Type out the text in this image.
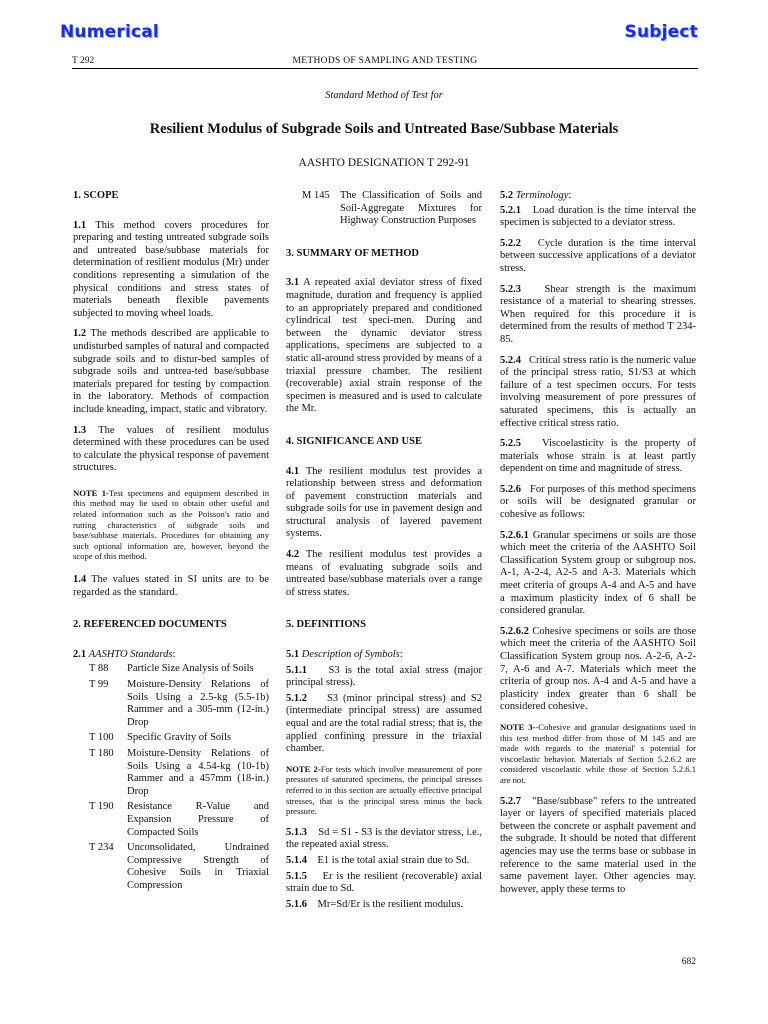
Numerical	Subject
T 292	METHODS OF SAMPLING AND TESTING
Standard Method of Test for
Resilient Modulus of Subgrade Soils and Untreated Base/Subbase Materials
AASHTO DESIGNATION T 292-91
1. SCOPE

1.1 This method covers procedures for preparing and testing untreated subgrade soils and untreated base/subbase materials for determination of resilient modulus (Mr) under conditions representing a simulation of the physical conditions and stress states of materials beneath flexible pavements subjected to moving wheel loads.

1.2 The methods described are applicable to undisturbed samples of natural and compacted subgrade soils and to distur-bed samples of subgrade soils and untrea-ted base/subbase materials prepared for testing by compaction in the laboratory. Methods of compaction include kneading, impact, static and vibratory.

1.3 The values of resilient modulus determined with these procedures can be used to calculate the physical response of pavement structures.

NOTE 1-Test specimens and equipment described in this method may be used to obtain other useful and related information such as the Poisson's ratio and rutting characteristics of subgrade soils and base/subbase materials. Procedures for obtaining any such optional information are, however, beyond the scope of this method.

1.4 The values stated in SI units are to be regarded as the standard.

2. REFERENCED DOCUMENTS

2.1 AASHTO Standards:

T 88	Particle Size Analysis of Soils
T 99	Moisture-Density Relations of Soils Using a 2.5-kg (5.5-1b) Rammer and a 305-mm (12-in.) Drop
T 100	Specific Gravity of Soils
T 180	Moisture-Density Relations of Soils Using a 4.54-kg (10-1b) Rammer and a 457mm (18-in.) Drop
T 190	Resistance R-Value and Expansion Pressure of Compacted Soils
T 234	Unconsolidated, Undrained Compressive Strength of Cohesive Soils in Triaxial Compression
M 145 The Classification of Soils and Soil-Aggregate Mixtures for Highway Construction Purposes
3. SUMMARY OF METHOD

3.1 A repeated axial deviator stress of fixed magnitude, duration and frequency is applied to an appropriately prepared and conditioned cylindrical test speci-men. During and between the dynamic deviator stress applications, specimens are subjected to a static all-around stress provided by means of a triaxial pressure chamber. The resilient (recoverable) axial strain response of the specimen is measured and is used to calculate the Mr.

4. SIGNIFICANCE AND USE

4.1 The resilient modulus test provides a relationship between stress and deformation of pavement construction materials and subgrade soils for use in pavement design and structural analysis of layered pavement systems.

4.2 The resilient modulus test provides a means of evaluating subgrade soils and untreated base/subbase materials over a range of stress states.

5. DEFINITIONS

5.1 Description of Symbols:

5.1.1 S3 is the total axial stress (major principal stress).

5.1.2 S3 (minor principal stress) and S2 (intermediate principal stress) are assumed equal and are the total radial stress; that is, the applied confining pressure in the triaxial chamber.

NOTE 2-For tests which involve measurement of pore pressures of saturated specimens, the principal stresses referred to in this section are actually effective principal stresses, that is the principal stress minus the back pressure.

5.1.3 Sd = S1 - S3 is the deviator stress, i.e., the repeated axial stress.

5.1.4 E1 is the total axial strain due to Sd.

5.1.5 Er is the resilient (recoverable) axial strain due to Sd.

5.1.6 Mr=Sd/Er is the resilient modulus.

5.2 Terminology:

5.2.1 Load duration is the time interval the specimen is subjected to a deviator stress.

5.2.2 Cycle duration is the time interval between successive applications of a deviator stress.

5.2.3 Shear strength is the maximum resistance of a material to shearing stresses. When required for this procedure it is determined from the results of method T 234-85.

5.2.4 Critical stress ratio is the numeric value of the principal stress ratio, S1/S3 at which failure of a test specimen occurs. For tests involving measurement of pore pressures of saturated specimens, this is actually an effective critical stress ratio.

5.2.5 Viscoelasticity is the property of materials whose strain is at least partly dependent on time and magnitude of stress.

5.2.6 For purposes of this method specimens or soils will be designated granular or cohesive as follows:

5.2.6.1 Granular specimens or soils are those which meet the criteria of the AASHTO Soil Classification System group or subgroup nos. A-1, A-2-4, A2-5 and A-3. Materials which meet criteria of groups A-4 and A-5 and have a maximum plasticity index of 6 shall be considered granular.

5.2.6.2 Cohesive specimens or soils are those which meet the criteria of the AASHTO Soil Classification System group nos. A-2-6, A-2-7, A-6 and A-7. Materials which meet the criteria of group nos. A-4 and A-5 and have a plasticity index greater than 6 shall be considered cohesive.

NOTE 3--Cohesive and granular designations used in this test method differ from those of M 145 and are made with regards to the material' s potential for viscoelastic behavior. Materials of Section 5.2.6.2 are considered viscoelastic while those of Section 5.2.6.1 are not.

5.2.7 "Base/subbase" refers to the untreated layer or layers of specified materials placed between the concrete or asphalt pavement and the subgrade. It should be noted that different agencies may use the terms base or subbase in reference to the same material used in the same pavement layer. Other agencies may. however, apply these terms to

682
